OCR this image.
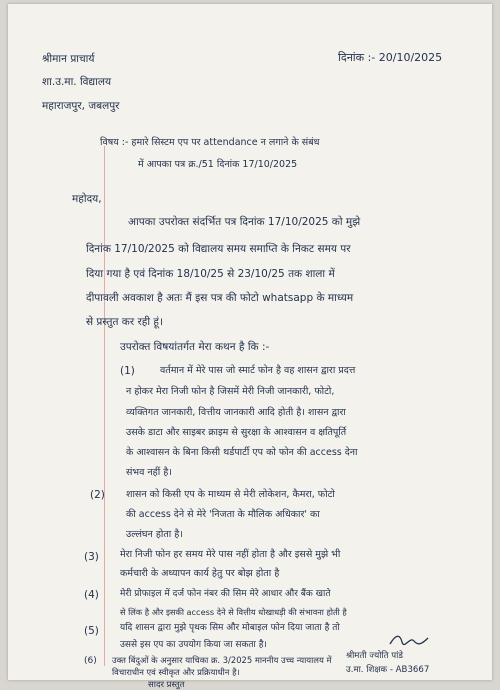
श्रीमान प्राचार्य
शा.उ.मा. विद्यालय
महाराजपुर, जबलपुर
दिनांक :- 20/10/2025
विषय :- हमारे सिस्टम एप पर attendance न लगाने के संबंध
में आपका पत्र क्र./51 दिनांक 17/10/2025
महोदय,
आपका उपरोक्त संदर्भित पत्र दिनांक 17/10/2025 को मुझे
दिनांक 17/10/2025 को विद्यालय समय समाप्ति के निकट समय पर
दिया गया है एवं दिनांक 18/10/25 से 23/10/25 तक शाला में
दीपावली अवकाश है अतः मैं इस पत्र की फोटो whatsapp के माध्यम
से प्रस्तुत कर रही हूं।
उपरोक्त विषयांतर्गत मेरा कथन है कि :-
(1)	वर्तमान में मेरे पास जो स्मार्ट फोन है वह शासन द्वारा प्रदत्त
न होकर मेरा निजी फोन है जिसमें मेरी निजी जानकारी, फोटो,
व्यक्तिगत जानकारी, वित्तीय जानकारी आदि होती है। शासन द्वारा
उसके डाटा और साइबर क्राइम से सुरक्षा के आश्वासन व क्षतिपूर्ति
के आश्वासन के बिना किसी थर्डपार्टी एप को फोन की access देना
संभव नहीं है।
(2) शासन को किसी एप के माध्यम से मेरी लोकेशन, कैमरा, फोटो
की access देने से मेरे 'निजता के मौलिक अधिकार' का
उल्लंघन होता है।
(3) मेरा निजी फोन हर समय मेरे पास नहीं होता है और इससे मुझे भी
कर्मचारी के अध्यापन कार्य हेतु पर बोझ होता है
(4) मेरी प्रोफाइल में दर्ज फोन नंबर की सिम मेरे आधार और बैंक खाते
से लिंक है और इसकी access देने से वित्तीय धोखाधड़ी की संभावना होती है
(5) यदि शासन द्वारा मुझे पृथक सिम और मोबाइल फोन दिया जाता है तो
उससे इस एप का उपयोग किया जा सकता है।
(6) उक्त बिंदुओं के अनुसार याचिका क्र. 3/2025 माननीय उच्च न्यायालय में
विचाराधीन एवं स्वीकृत और प्रक्रियाधीन है।
सादर प्रस्तुत
श्रीमती ज्योति पांडे
उ.मा. शिक्षक - AB3667
